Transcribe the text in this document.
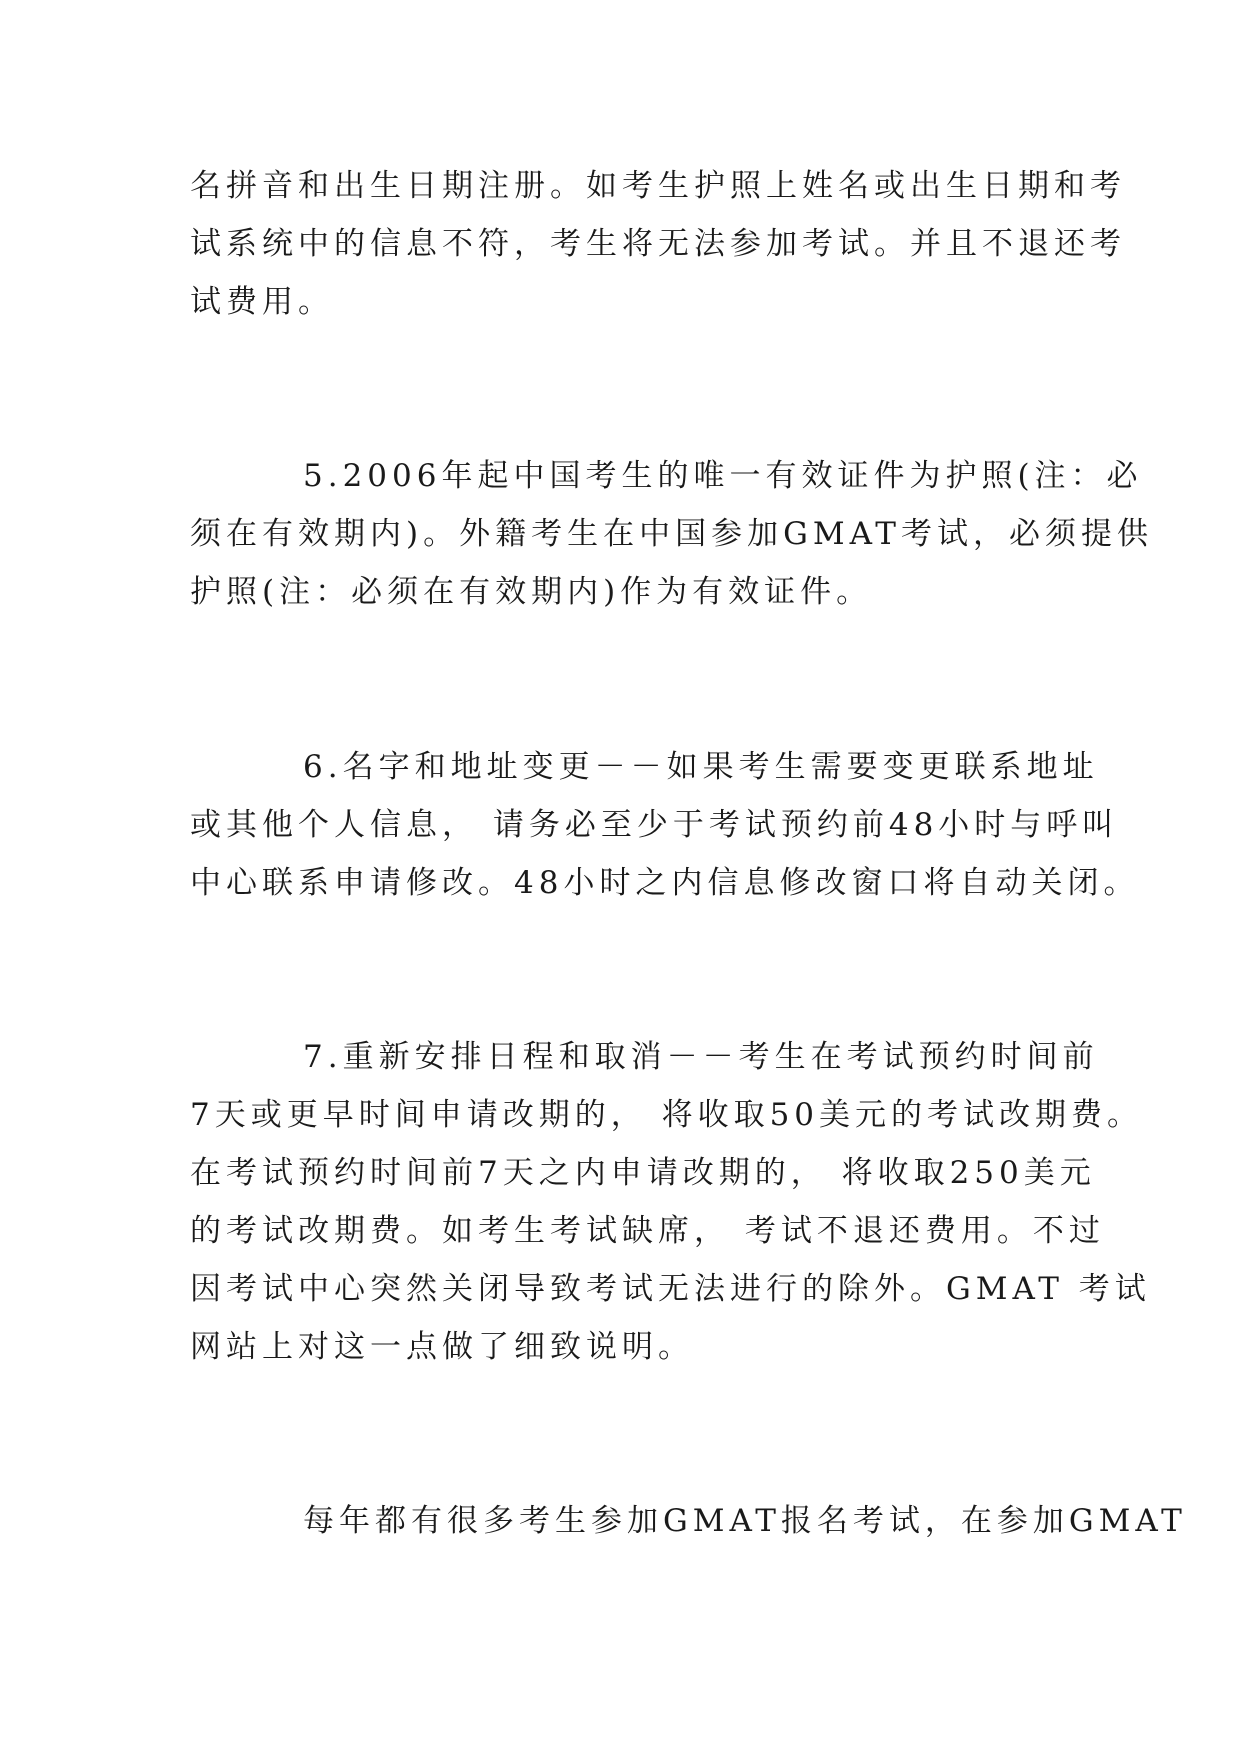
名拼音和出生日期注册。如考生护照上姓名或出生日期和考
试系统中的信息不符，考生将无法参加考试。并且不退还考
试费用。
5.2006年起中国考生的唯一有效证件为护照(注：必
须在有效期内)。外籍考生在中国参加GMAT考试，必须提供
护照(注：必须在有效期内)作为有效证件。
6.名字和地址变更－－如果考生需要变更联系地址
或其他个人信息， 请务必至少于考试预约前48小时与呼叫
中心联系申请修改。48小时之内信息修改窗口将自动关闭。
7.重新安排日程和取消－－考生在考试预约时间前
7天或更早时间申请改期的， 将收取50美元的考试改期费。
在考试预约时间前7天之内申请改期的， 将收取250美元
的考试改期费。如考生考试缺席， 考试不退还费用。不过
因考试中心突然关闭导致考试无法进行的除外。GMAT 考试
网站上对这一点做了细致说明。
每年都有很多考生参加GMAT报名考试，在参加GMAT
